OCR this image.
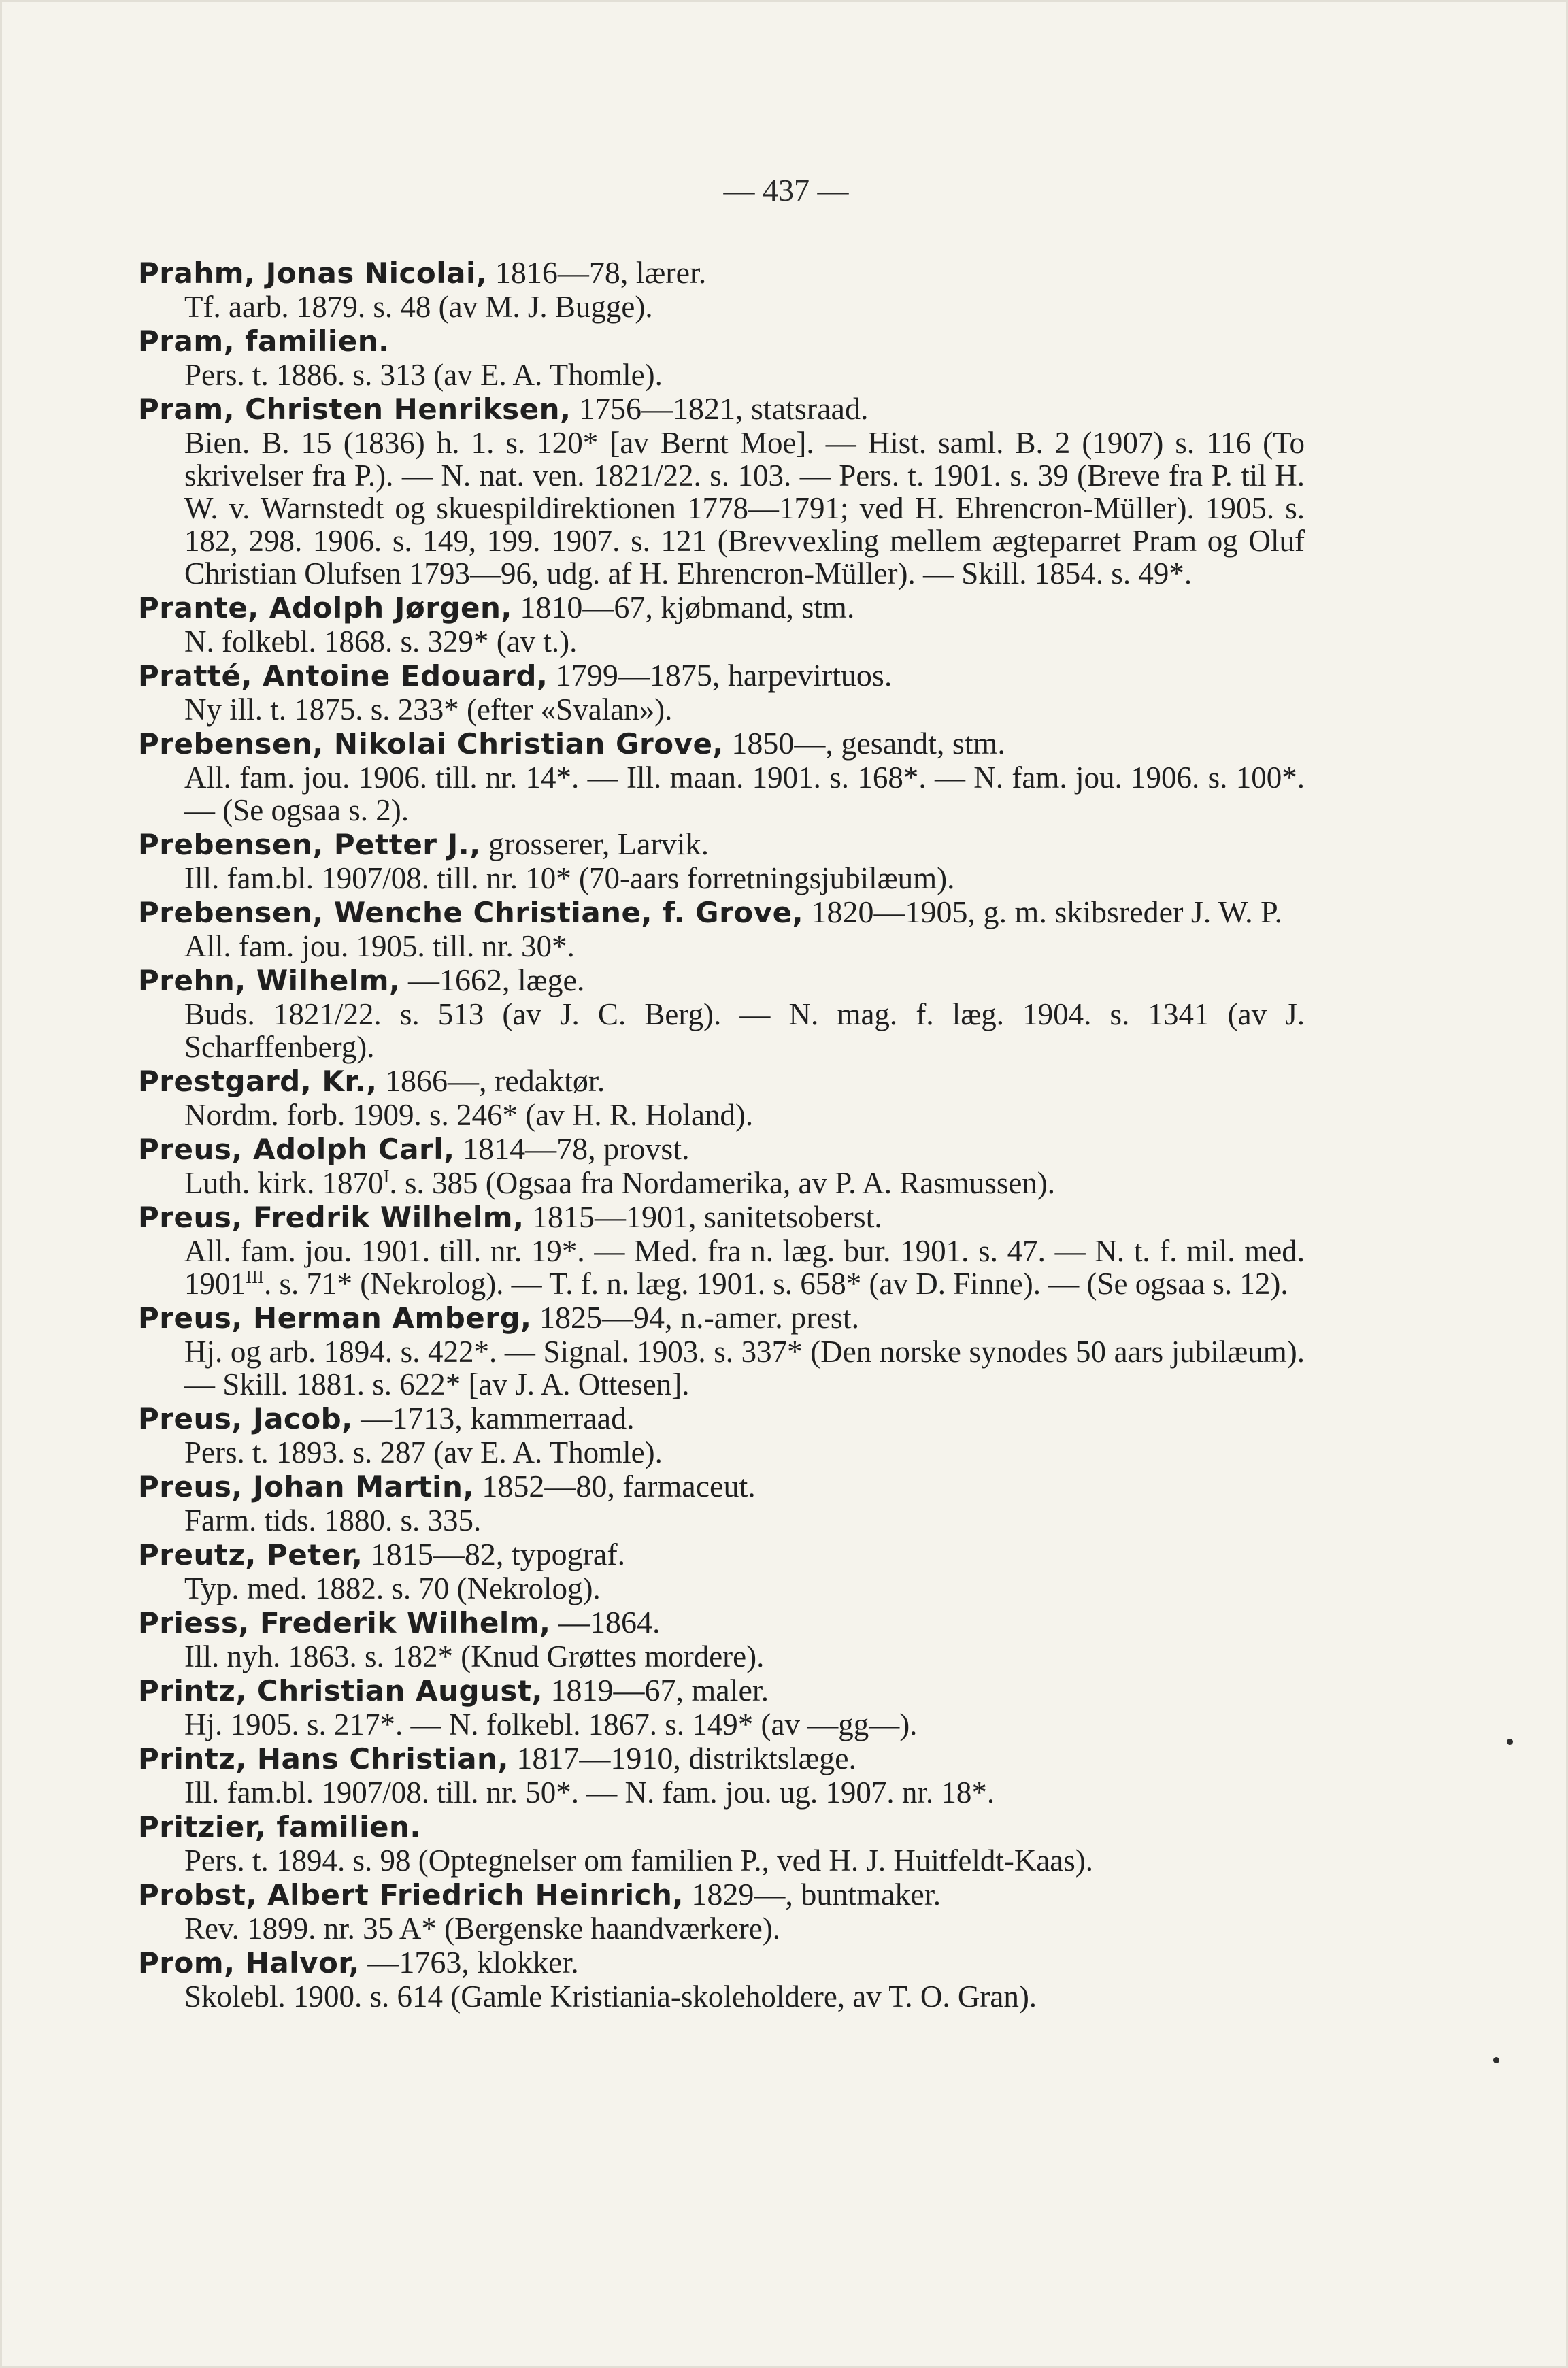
— 437 —
Prahm, Jonas Nicolai, 1816—78, lærer.
Tf. aarb. 1879. s. 48 (av M. J. Bugge).
Pram, familien.
Pers. t. 1886. s. 313 (av E. A. Thomle).
Pram, Christen Henriksen, 1756—1821, statsraad.
Bien. B. 15 (1836) h. 1. s. 120* [av Bernt Moe]. — Hist. saml. B. 2 (1907) s. 116 (To skrivelser fra P.). — N. nat. ven. 1821/22. s. 103. — Pers. t. 1901. s. 39 (Breve fra P. til H. W. v. Warnstedt og skuespildirektionen 1778—1791; ved H. Ehrencron-Müller). 1905. s. 182, 298. 1906. s. 149, 199. 1907. s. 121 (Brevvexling mellem ægteparret Pram og Oluf Christian Olufsen 1793—96, udg. af H. Ehrencron-Müller). — Skill. 1854. s. 49*.
Prante, Adolph Jørgen, 1810—67, kjøbmand, stm.
N. folkebl. 1868. s. 329* (av t.).
Pratté, Antoine Edouard, 1799—1875, harpevirtuos.
Ny ill. t. 1875. s. 233* (efter «Svalan»).
Prebensen, Nikolai Christian Grove, 1850—, gesandt, stm.
All. fam. jou. 1906. till. nr. 14*. — Ill. maan. 1901. s. 168*. — N. fam. jou. 1906. s. 100*. — (Se ogsaa s. 2).
Prebensen, Petter J., grosserer, Larvik.
Ill. fam.bl. 1907/08. till. nr. 10* (70-aars forretningsjubilæum).
Prebensen, Wenche Christiane, f. Grove, 1820—1905, g. m. skibsreder J. W. P.
All. fam. jou. 1905. till. nr. 30*.
Prehn, Wilhelm, —1662, læge.
Buds. 1821/22. s. 513 (av J. C. Berg). — N. mag. f. læg. 1904. s. 1341 (av J. Scharffenberg).
Prestgard, Kr., 1866—, redaktør.
Nordm. forb. 1909. s. 246* (av H. R. Holand).
Preus, Adolph Carl, 1814—78, provst.
Luth. kirk. $1870^I$. s. 385 (Ogsaa fra Nordamerika, av P. A. Rasmussen).
Preus, Fredrik Wilhelm, 1815—1901, sanitetsoberst.
All. fam. jou. 1901. till. nr. 19*. — Med. fra n. læg. bur. 1901. s. 47. — N. t. f. mil. med. $1901^{III}$. s. 71* (Nekrolog). — T. f. n. læg. 1901. s. 658* (av D. Finne). — (Se ogsaa s. 12).
Preus, Herman Amberg, 1825—94, n.-amer. prest.
Hj. og arb. 1894. s. 422*. — Signal. 1903. s. 337* (Den norske synodes 50 aars jubilæum). — Skill. 1881. s. 622* [av J. A. Ottesen].
Preus, Jacob, —1713, kammerraad.
Pers. t. 1893. s. 287 (av E. A. Thomle).
Preus, Johan Martin, 1852—80, farmaceut.
Farm. tids. 1880. s. 335.
Preutz, Peter, 1815—82, typograf.
Typ. med. 1882. s. 70 (Nekrolog).
Priess, Frederik Wilhelm, —1864.
Ill. nyh. 1863. s. 182* (Knud Grøttes mordere).
Printz, Christian August, 1819—67, maler.
Hj. 1905. s. 217*. — N. folkebl. 1867. s. 149* (av —gg—).
Printz, Hans Christian, 1817—1910, distriktslæge.
Ill. fam.bl. 1907/08. till. nr. 50*. — N. fam. jou. ug. 1907. nr. 18*.
Pritzier, familien.
Pers. t. 1894. s. 98 (Optegnelser om familien P., ved H. J. Huitfeldt-Kaas).
Probst, Albert Friedrich Heinrich, 1829—, buntmaker.
Rev. 1899. nr. 35 A* (Bergenske haandværkere).
Prom, Halvor, —1763, klokker.
Skolebl. 1900. s. 614 (Gamle Kristiania-skoleholdere, av T. O. Gran).
